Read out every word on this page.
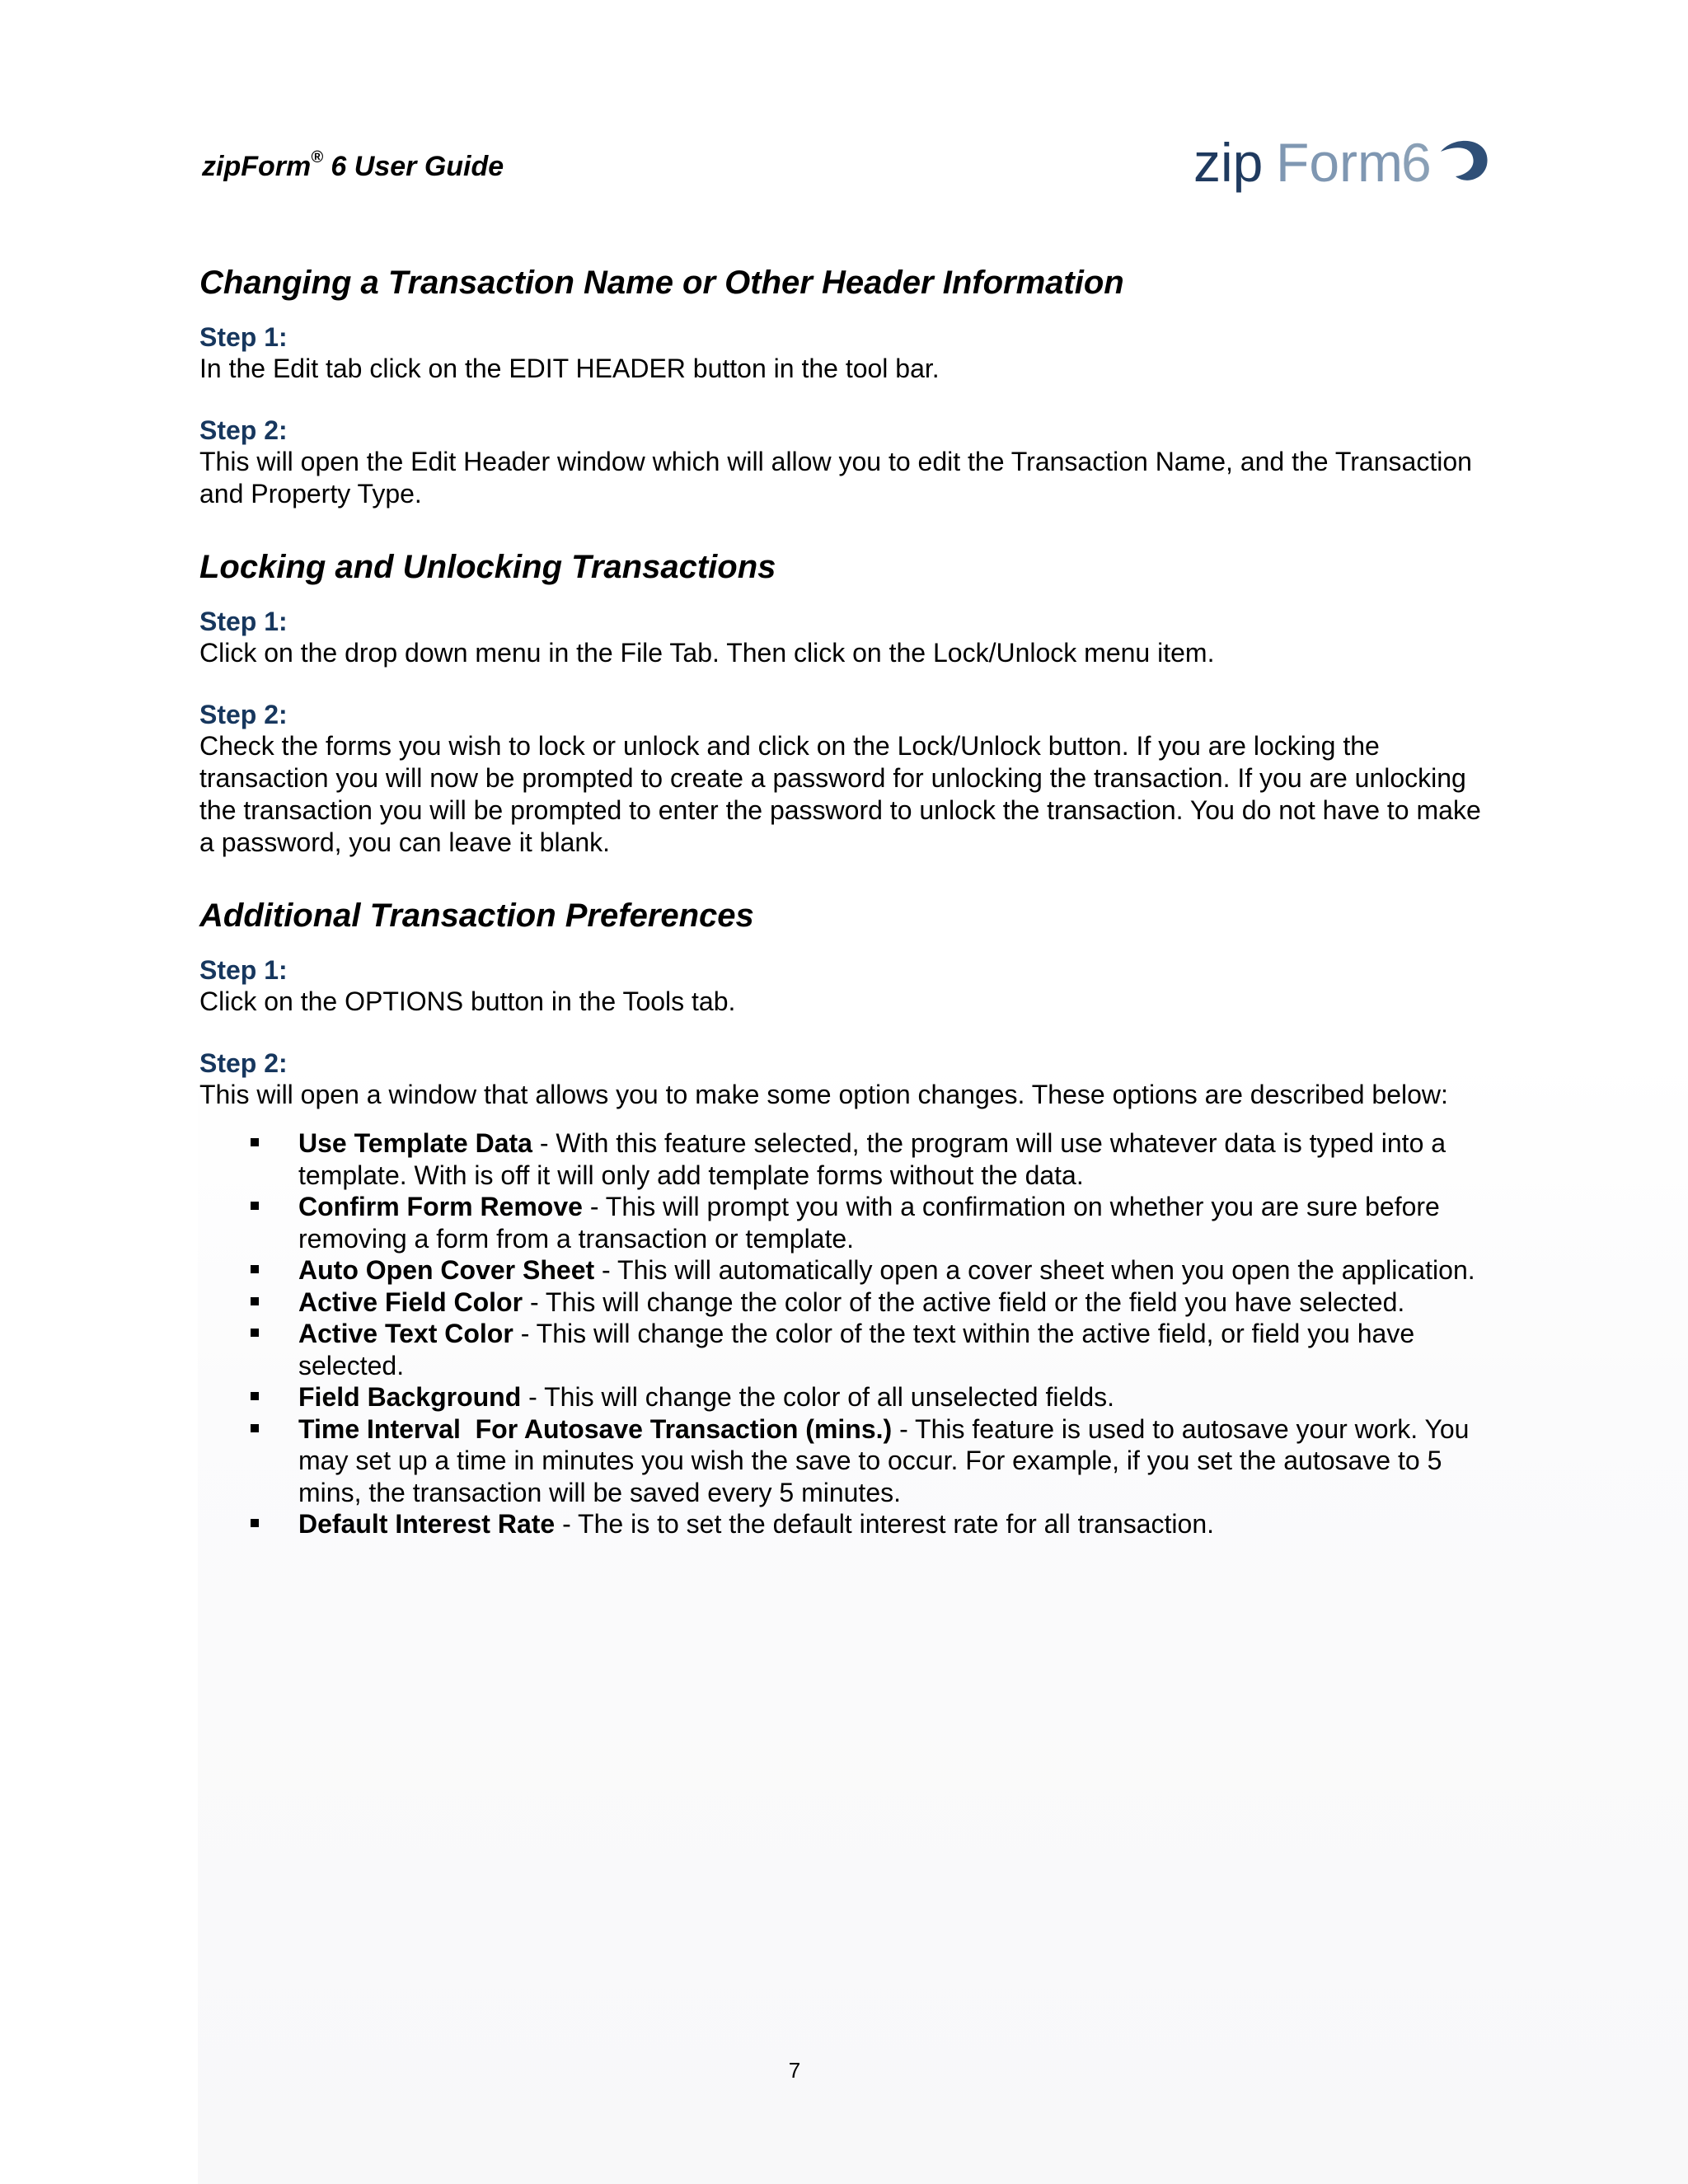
zipForm® 6 User Guide	zip Form
6
Changing a Transaction Name or Other Header Information
Step 1:
In the Edit tab click on the EDIT HEADER button in the tool bar.
Step 2:
This will open the Edit Header window which will allow you to edit the Transaction Name, and the Transaction and Property Type.
Locking and Unlocking Transactions
Step 1:
Click on the drop down menu in the File Tab. Then click on the Lock/Unlock menu item.
Step 2:
Check the forms you wish to lock or unlock and click on the Lock/Unlock button. If you are locking the transaction you will now be prompted to create a password for unlocking the transaction. If you are unlocking the transaction you will be prompted to enter the password to unlock the transaction. You do not have to make a password, you can leave it blank.
Additional Transaction Preferences
Step 1:
Click on the OPTIONS button in the Tools tab.
Step 2:
This will open a window that allows you to make some option changes. These options are described below:
Use Template Data - With this feature selected, the program will use whatever data is typed into a template. With is off it will only add template forms without the data.
Confirm Form Remove - This will prompt you with a confirmation on whether you are sure before removing a form from a transaction or template.
Auto Open Cover Sheet - This will automatically open a cover sheet when you open the application.
Active Field Color - This will change the color of the active field or the field you have selected.
Active Text Color - This will change the color of the text within the active field, or field you have selected.
Field Background - This will change the color of all unselected fields.
Time Interval  For Autosave Transaction (mins.) - This feature is used to autosave your work. You may set up a time in minutes you wish the save to occur. For example, if you set the autosave to 5 mins, the transaction will be saved every 5 minutes.
Default Interest Rate - The is to set the default interest rate for all transaction.
7
